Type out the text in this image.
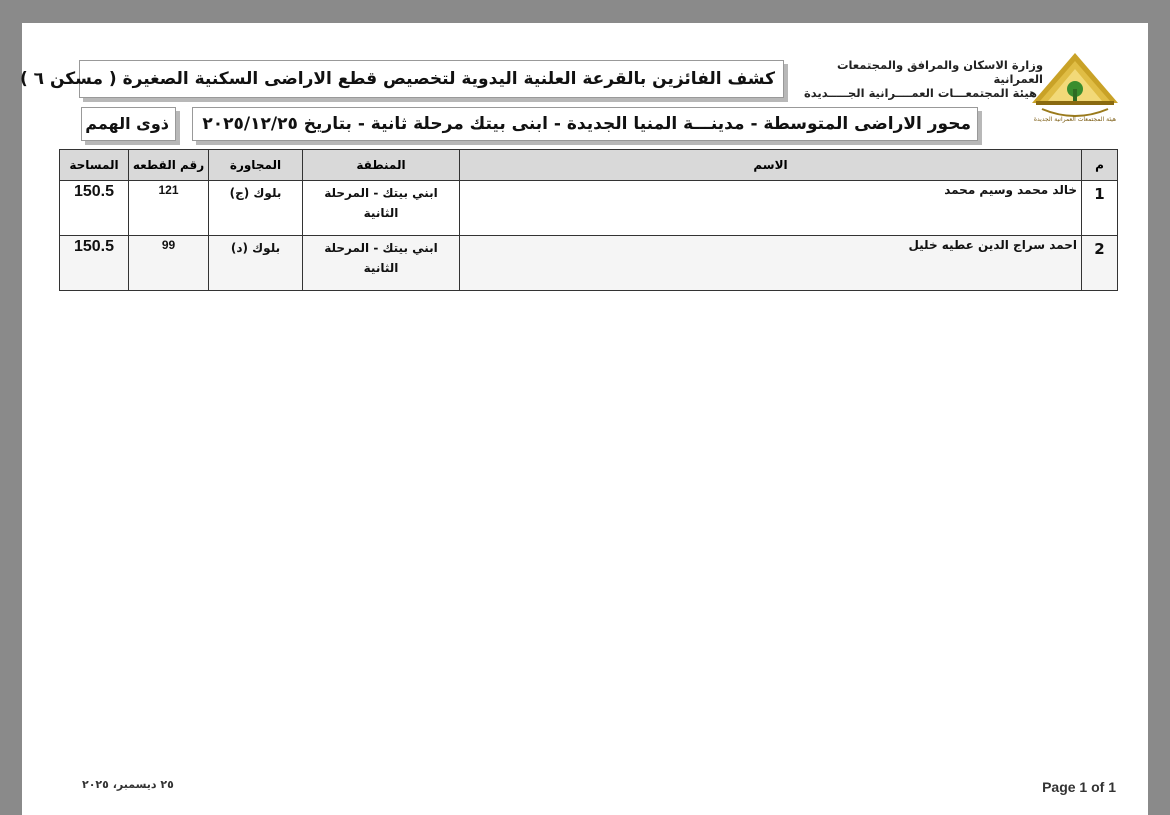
وزارة الاسكان والمرافق والمجتمعات العمرانية
هيئة المجتمعـــات العمــــرانية الجـــــديدة
هيئة المجتمعات العمرانية الجديدة
كشف الفائزين بالقرعة العلنية اليدوية لتخصيص قطع الاراضى السكنية الصغيرة ( مسكن ٦ )
محور الاراضى المتوسطة - مدينـــة المنيا الجديدة - ابنى بيتك مرحلة ثانية - بتاريخ ٢٠٢٥/١٢/٢٥
ذوى الهمم
م	الاسم	المنطقة	المجاورة	رقم القطعه	المساحة
1	خالد محمد وسيم محمد	ابني بيتك - المرحلة الثانية	بلوك (ج)	121	150.5
2	احمد سراج الدين عطيه خليل	ابني بيتك - المرحلة الثانية	بلوك (د)	99	150.5
٢٥ ديسمبر، ٢٠٢٥	Page 1 of 1
